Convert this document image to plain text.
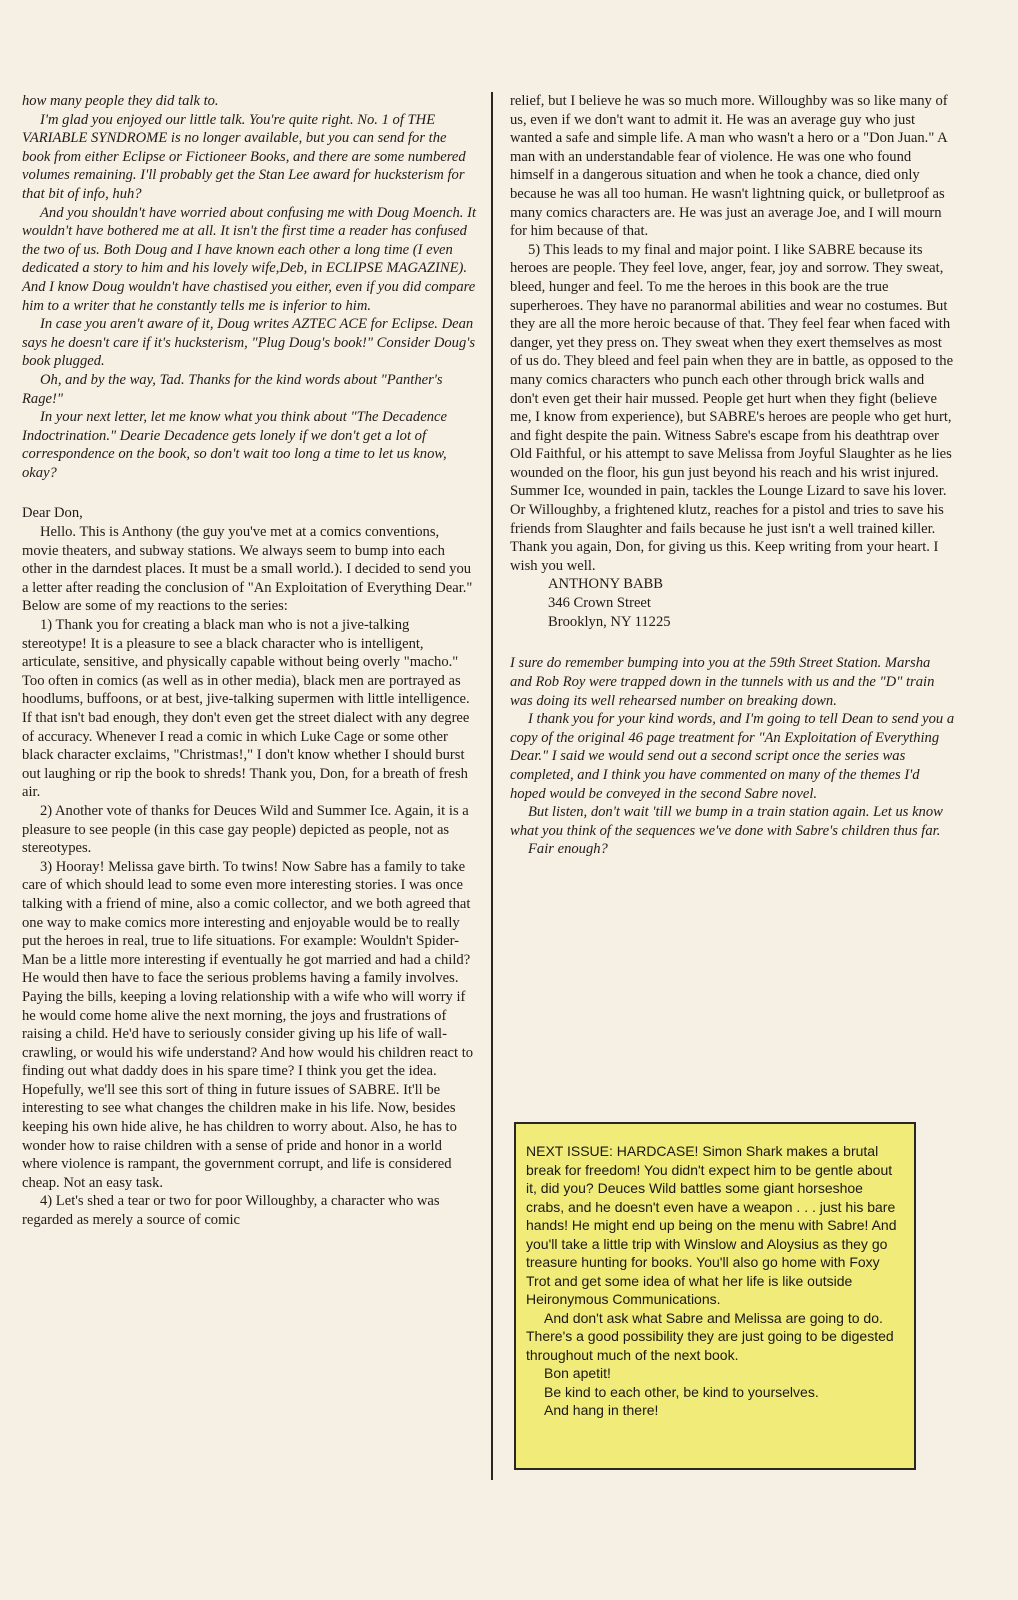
how many people they did talk to.

I'm glad you enjoyed our little talk. You're quite right. No. 1 of THE VARIABLE SYNDROME is no longer available, but you can send for the book from either Eclipse or Fictioneer Books, and there are some numbered volumes remaining. I'll probably get the Stan Lee award for hucksterism for that bit of info, huh?

And you shouldn't have worried about confusing me with Doug Moench. It wouldn't have bothered me at all. It isn't the first time a reader has confused the two of us. Both Doug and I have known each other a long time (I even dedicated a story to him and his lovely wife,Deb, in ECLIPSE MAGAZINE). And I know Doug wouldn't have chastised you either, even if you did compare him to a writer that he constantly tells me is inferior to him.

In case you aren't aware of it, Doug writes AZTEC ACE for Eclipse. Dean says he doesn't care if it's hucksterism, "Plug Doug's book!" Consider Doug's book plugged.

Oh, and by the way, Tad. Thanks for the kind words about "Panther's Rage!"

In your next letter, let me know what you think about "The Decadence Indoctrination." Dearie Decadence gets lonely if we don't get a lot of correspondence on the book, so don't wait too long a time to let us know, okay?

Dear Don,

Hello. This is Anthony (the guy you've met at a comics conventions, movie theaters, and subway stations. We always seem to bump into each other in the darndest places. It must be a small world.). I decided to send you a letter after reading the conclusion of "An Exploitation of Everything Dear." Below are some of my reactions to the series:

1) Thank you for creating a black man who is not a jive-talking stereotype! It is a pleasure to see a black character who is intelligent, articulate, sensitive, and physically capable without being overly "macho." Too often in comics (as well as in other media), black men are portrayed as hoodlums, buffoons, or at best, jive-talking supermen with little intelligence. If that isn't bad enough, they don't even get the street dialect with any degree of accuracy. Whenever I read a comic in which Luke Cage or some other black character exclaims, "Christmas!," I don't know whether I should burst out laughing or rip the book to shreds! Thank you, Don, for a breath of fresh air.

2) Another vote of thanks for Deuces Wild and Summer Ice. Again, it is a pleasure to see people (in this case gay people) depicted as people, not as stereotypes.

3) Hooray! Melissa gave birth. To twins! Now Sabre has a family to take care of which should lead to some even more interesting stories. I was once talking with a friend of mine, also a comic collector, and we both agreed that one way to make comics more interesting and enjoyable would be to really put the heroes in real, true to life situations. For example: Wouldn't Spider-Man be a little more interesting if eventually he got married and had a child? He would then have to face the serious problems having a family involves. Paying the bills, keeping a loving relationship with a wife who will worry if he would come home alive the next morning, the joys and frustrations of raising a child. He'd have to seriously consider giving up his life of wall-crawling, or would his wife understand? And how would his children react to finding out what daddy does in his spare time? I think you get the idea. Hopefully, we'll see this sort of thing in future issues of SABRE. It'll be interesting to see what changes the children make in his life. Now, besides keeping his own hide alive, he has children to worry about. Also, he has to wonder how to raise children with a sense of pride and honor in a world where violence is rampant, the government corrupt, and life is considered cheap. Not an easy task.

4) Let's shed a tear or two for poor Willoughby, a character who was regarded as merely a source of comic

relief, but I believe he was so much more. Willoughby was so like many of us, even if we don't want to admit it. He was an average guy who just wanted a safe and simple life. A man who wasn't a hero or a "Don Juan." A man with an understandable fear of violence. He was one who found himself in a dangerous situation and when he took a chance, died only because he was all too human. He wasn't lightning quick, or bulletproof as many comics characters are. He was just an average Joe, and I will mourn for him because of that.

5) This leads to my final and major point. I like SABRE because its heroes are people. They feel love, anger, fear, joy and sorrow. They sweat, bleed, hunger and feel. To me the heroes in this book are the true superheroes. They have no paranormal abilities and wear no costumes. But they are all the more heroic because of that. They feel fear when faced with danger, yet they press on. They sweat when they exert themselves as most of us do. They bleed and feel pain when they are in battle, as opposed to the many comics characters who punch each other through brick walls and don't even get their hair mussed. People get hurt when they fight (believe me, I know from experience), but SABRE's heroes are people who get hurt, and fight despite the pain. Witness Sabre's escape from his deathtrap over Old Faithful, or his attempt to save Melissa from Joyful Slaughter as he lies wounded on the floor, his gun just beyond his reach and his wrist injured. Summer Ice, wounded in pain, tackles the Lounge Lizard to save his lover. Or Willoughby, a frightened klutz, reaches for a pistol and tries to save his friends from Slaughter and fails because he just isn't a well trained killer. Thank you again, Don, for giving us this. Keep writing from your heart. I wish you well.

ANTHONY BABB

346 Crown Street

Brooklyn, NY 11225

I sure do remember bumping into you at the 59th Street Station. Marsha and Rob Roy were trapped down in the tunnels with us and the "D" train was doing its well rehearsed number on breaking down.

I thank you for your kind words, and I'm going to tell Dean to send you a copy of the original 46 page treatment for "An Exploitation of Everything Dear." I said we would send out a second script once the series was completed, and I think you have commented on many of the themes I'd hoped would be conveyed in the second Sabre novel.

But listen, don't wait 'till we bump in a train station again. Let us know what you think of the sequences we've done with Sabre's children thus far.

Fair enough?

NEXT ISSUE: HARDCASE! Simon Shark makes a brutal break for freedom! You didn't expect him to be gentle about it, did you? Deuces Wild battles some giant horseshoe crabs, and he doesn't even have a weapon . . . just his bare hands! He might end up being on the menu with Sabre! And you'll take a little trip with Winslow and Aloysius as they go treasure hunting for books. You'll also go home with Foxy Trot and get some idea of what her life is like outside Heironymous Communications.

And don't ask what Sabre and Melissa are going to do. There's a good possibility they are just going to be digested throughout much of the next book.

Bon apetit!

Be kind to each other, be kind to yourselves.

And hang in there!
